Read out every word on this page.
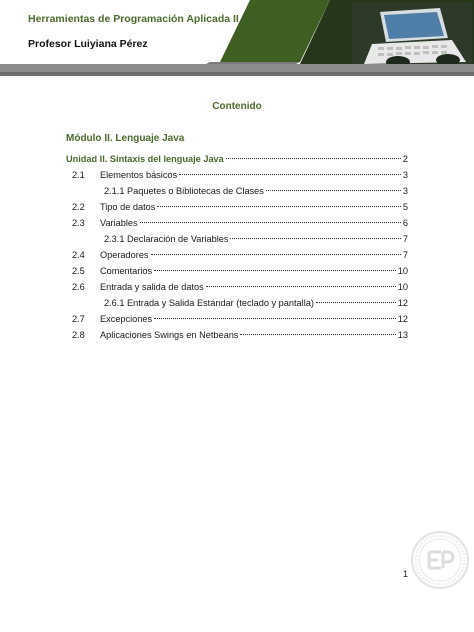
Herramientas de Programación Aplicada II

Profesor Luiyiana Pérez

Contenido
Módulo II. Lenguaje Java
Unidad II. Sintaxis del lenguaje Java	2
2.1	Elementos básicos	3
2.1.1 Paquetes o Bibliotecas de Clases	3
2.2	Tipo de datos	5
2.3	Variables	6
2.3.1 Declaración de Variables	7
2.4	Operadores	7
2.5	Comentarios	10
2.6	Entrada y salida de datos	10
2.6.1 Entrada y Salida Estándar (teclado y pantalla)	12
2.7	Excepciones	12
2.8	Aplicaciones Swings en Netbeans	13

1
